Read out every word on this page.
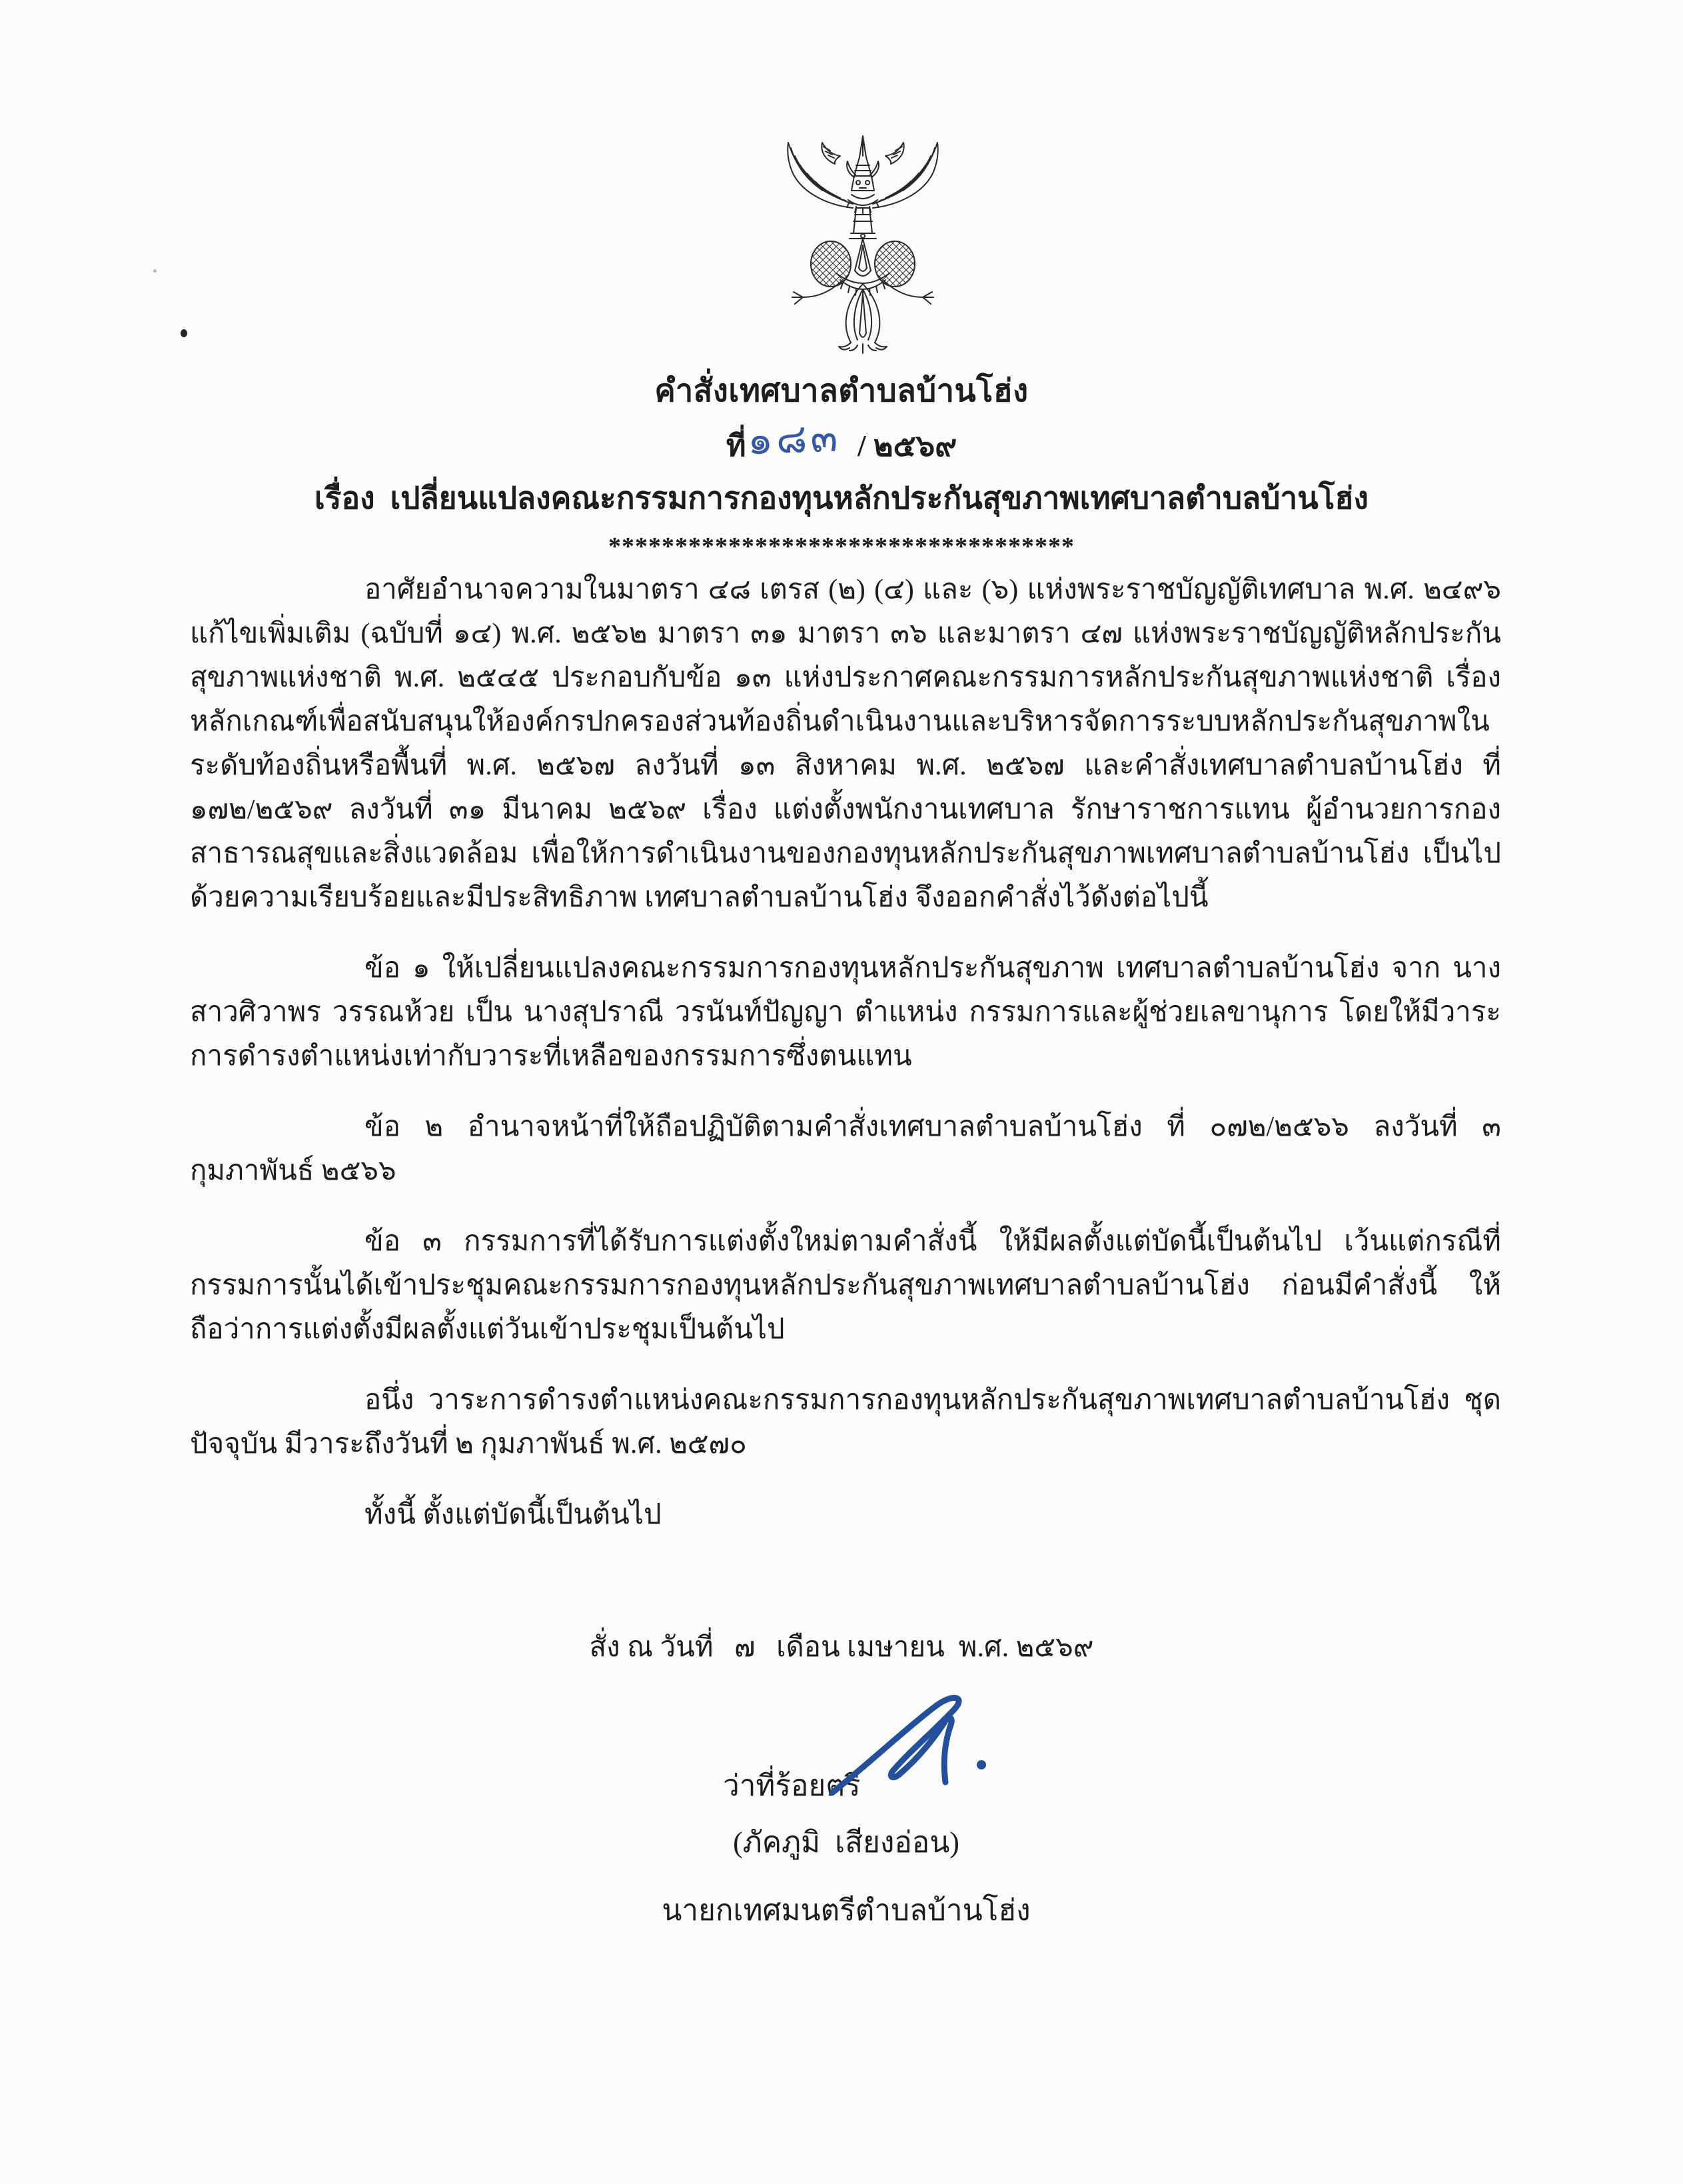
คำสั่งเทศบาลตำบลบ้านโฮ่ง
ที่๑๘๓ / ๒๕๖๙
เรื่อง  เปลี่ยนแปลงคณะกรรมการกองทุนหลักประกันสุขภาพเทศบาลตำบลบ้านโฮ่ง
***********************************

อาศัยอำนาจความในมาตรา ๔๘ เตรส (๒) (๔) และ (๖) แห่งพระราชบัญญัติเทศบาล พ.ศ. ๒๔๙๖ แก้ไขเพิ่มเติม (ฉบับที่ ๑๔) พ.ศ. ๒๕๖๒ มาตรา ๓๑ มาตรา ๓๖ และมาตรา ๔๗ แห่งพระราชบัญญัติหลักประกันสุขภาพแห่งชาติ พ.ศ. ๒๕๔๕ ประกอบกับข้อ ๑๓ แห่งประกาศคณะกรรมการหลักประกันสุขภาพแห่งชาติ เรื่อง หลักเกณฑ์เพื่อสนับสนุนให้องค์กรปกครองส่วนท้องถิ่นดำเนินงานและบริหารจัดการระบบหลักประกันสุขภาพในระดับท้องถิ่นหรือพื้นที่ พ.ศ. ๒๕๖๗ ลงวันที่ ๑๓ สิงหาคม พ.ศ. ๒๕๖๗ และคำสั่งเทศบาลตำบลบ้านโฮ่ง ที่ ๑๗๒/๒๕๖๙ ลงวันที่ ๓๑ มีนาคม ๒๕๖๙ เรื่อง แต่งตั้งพนักงานเทศบาล รักษาราชการแทน ผู้อำนวยการกองสาธารณสุขและสิ่งแวดล้อม เพื่อให้การดำเนินงานของกองทุนหลักประกันสุขภาพเทศบาลตำบลบ้านโฮ่ง เป็นไปด้วยความเรียบร้อยและมีประสิทธิภาพ เทศบาลตำบลบ้านโฮ่ง จึงออกคำสั่งไว้ดังต่อไปนี้

ข้อ ๑ ให้เปลี่ยนแปลงคณะกรรมการกองทุนหลักประกันสุขภาพ เทศบาลตำบลบ้านโฮ่ง จาก นางสาวศิวาพร วรรณห้วย เป็น นางสุปราณี วรนันท์ปัญญา ตำแหน่ง กรรมการและผู้ช่วยเลขานุการ โดยให้มีวาระการดำรงตำแหน่งเท่ากับวาระที่เหลือของกรรมการซึ่งตนแทน

ข้อ ๒ อำนาจหน้าที่ให้ถือปฏิบัติตามคำสั่งเทศบาลตำบลบ้านโฮ่ง ที่ ๐๗๒/๒๕๖๖ ลงวันที่ ๓ กุมภาพันธ์ ๒๕๖๖

ข้อ ๓ กรรมการที่ได้รับการแต่งตั้งใหม่ตามคำสั่งนี้ ให้มีผลตั้งแต่บัดนี้เป็นต้นไป เว้นแต่กรณีที่กรรมการนั้นได้เข้าประชุมคณะกรรมการกองทุนหลักประกันสุขภาพเทศบาลตำบลบ้านโฮ่ง ก่อนมีคำสั่งนี้ ให้ถือว่าการแต่งตั้งมีผลตั้งแต่วันเข้าประชุมเป็นต้นไป

อนึ่ง วาระการดำรงตำแหน่งคณะกรรมการกองทุนหลักประกันสุขภาพเทศบาลตำบลบ้านโฮ่ง ชุดปัจจุบัน มีวาระถึงวันที่ ๒ กุมภาพันธ์ พ.ศ. ๒๕๗๐

ทั้งนี้ ตั้งแต่บัดนี้เป็นต้นไป

สั่ง ณ วันที่   ๗   เดือน เมษายน  พ.ศ. ๒๕๖๙
ว่าที่ร้อยตรี
(ภัคภูมิ  เสียงอ่อน)
นายกเทศมนตรีตำบลบ้านโฮ่ง
